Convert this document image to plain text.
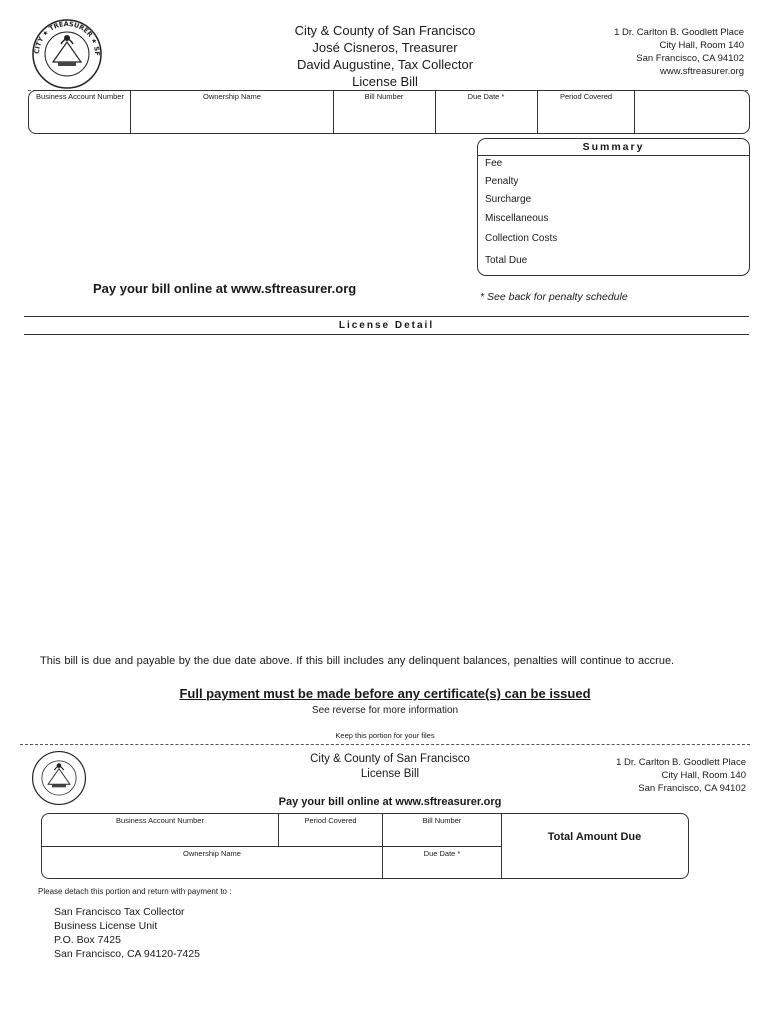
CITY ★ TREASURER ★ SF
City & County of San Francisco
José Cisneros, Treasurer
David Augustine, Tax Collector
License Bill
1 Dr. Carlton B. Goodlett Place
City Hall, Room 140
San Francisco, CA 94102
www.sftreasurer.org
Business Account Number	Ownership Name	Bill Number	Due Date *	Period Covered
Summary
Fee
Penalty
Surcharge
Miscellaneous
Collection Costs
Total Due
Pay your bill online at www.sftreasurer.org
* See back for penalty schedule
License Detail
This bill is due and payable by the due date above. If this bill includes any delinquent balances, penalties will continue to accrue.
Full payment must be made before any certificate(s) can be issued
See reverse for more information
Keep this portion for your files
City & County of San Francisco
License Bill
1 Dr. Carlton B. Goodlett Place
City Hall, Room 140
San Francisco, CA 94102
Pay your bill online at www.sftreasurer.org
Business Account Number	Period Covered	Bill Number
Ownership Name	Due Date *
Total Amount Due
Please detach this portion and return with payment to :
San Francisco Tax Collector
Business License Unit
P.O. Box 7425
San Francisco, CA 94120-7425
